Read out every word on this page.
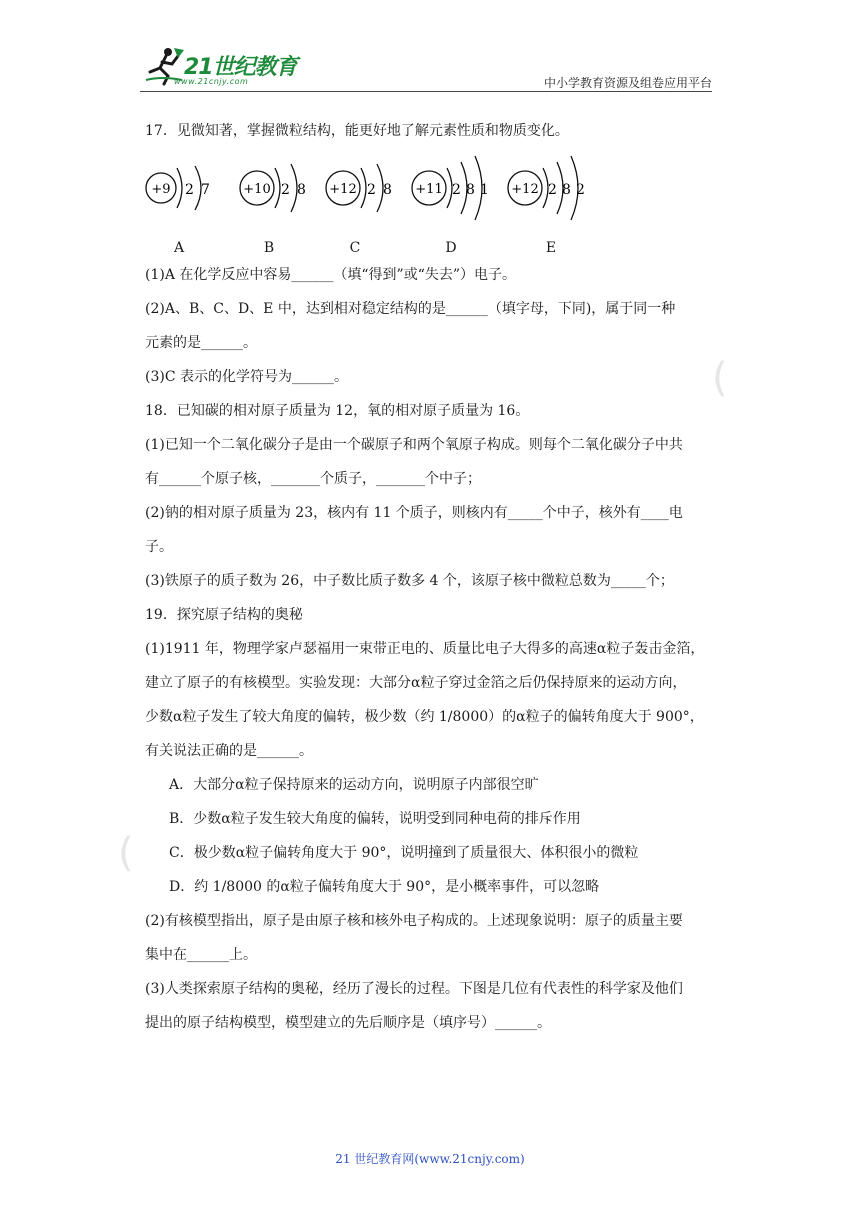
(
(
21世纪教育
www.21cnjy.com	中小学教育资源及组卷应用平台
17．见微知著，掌握微粒结构，能更好地了解元素性质和物质变化。
+9 2 7
A
+10 2 8
B
+12 2 8
C
+11 2 8 1
D
+12 2 8 2
E
(1)A 在化学反应中容易______（填“得到”或“失去”）电子。
(2)A、B、C、D、E 中，达到相对稳定结构的是______（填字母，下同)，属于同一种
元素的是______。
(3)C 表示的化学符号为______。
18．已知碳的相对原子质量为 12，氧的相对原子质量为 16。
(1)已知一个二氧化碳分子是由一个碳原子和两个氧原子构成。则每个二氧化碳分子中共
有______个原子核，_______个质子，_______个中子；
(2)钠的相对原子质量为 23，核内有 11 个质子，则核内有_____个中子，核外有____电
子。
(3)铁原子的质子数为 26，中子数比质子数多 4 个，该原子核中微粒总数为_____个；
19．探究原子结构的奥秘
(1)1911 年，物理学家卢瑟福用一束带正电的、质量比电子大得多的高速α粒子轰击金箔，
建立了原子的有核模型。实验发现：大部分α粒子穿过金箔之后仍保持原来的运动方向，
少数α粒子发生了较大角度的偏转，极少数（约 1/8000）的α粒子的偏转角度大于 900°，
有关说法正确的是______。
A．大部分α粒子保持原来的运动方向，说明原子内部很空旷
B．少数α粒子发生较大角度的偏转，说明受到同种电荷的排斥作用
C．极少数α粒子偏转角度大于 90°，说明撞到了质量很大、体积很小的微粒
D．约 1/8000 的α粒子偏转角度大于 90°，是小概率事件，可以忽略
(2)有核模型指出，原子是由原子核和核外电子构成的。上述现象说明：原子的质量主要
集中在______上。
(3)人类探索原子结构的奥秘，经历了漫长的过程。下图是几位有代表性的科学家及他们
提出的原子结构模型，模型建立的先后顺序是（填序号）______。
21 世纪教育网(www.21cnjy.com)
